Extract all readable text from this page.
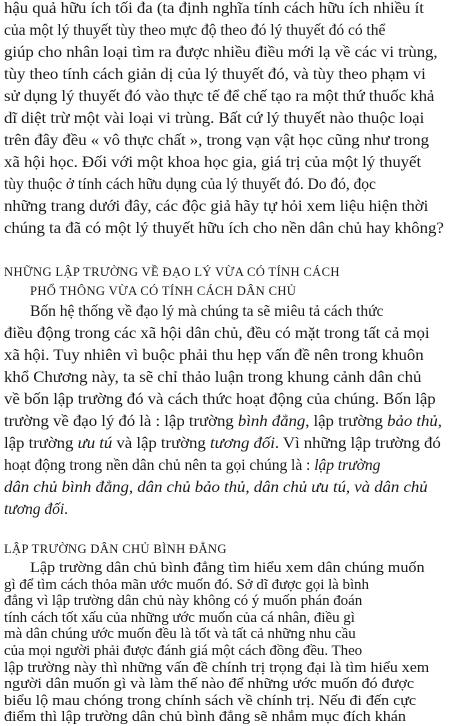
hậu quả hữu ích tối đa (ta định nghĩa tính cách hữu ích nhiều ít
của một lý thuyết tùy theo mực độ theo đó lý thuyết đó có thể
giúp cho nhân loại tìm ra được nhiều điều mới lạ về các vi trùng,
tùy theo tính cách giản dị của lý thuyết đó, và tùy theo phạm vi
sử dụng lý thuyết đó vào thực tế để chế tạo ra một thứ thuốc khả
dĩ diệt trừ một vài loại vi trùng. Bất cứ lý thuyết nào thuộc loại
trên đây đều « vô thực chất », trong vạn vật học cũng như trong
xã hội học. Đối với một khoa học gia, giá trị của một lý thuyết
tùy thuộc ở tính cách hữu dụng của lý thuyết đó. Do đó, đọc
những trang dưới đây, các độc giả hãy tự hỏi xem liệu hiện thời
chúng ta đã có một lý thuyết hữu ích cho nền dân chủ hay không?
NHỮNG LẬP TRƯỜNG VỀ ĐẠO LÝ VỪA CÓ TÍNH CÁCH
PHỔ THÔNG VỪA CÓ TÍNH CÁCH DÂN CHỦ
Bốn hệ thống về đạo lý mà chúng ta sẽ miêu tả cách thức
điều động trong các xã hội dân chủ, đều có mặt trong tất cả mọi
xã hội. Tuy nhiên vì buộc phải thu hẹp vấn đề nên trong khuôn
khổ Chương này, ta sẽ chỉ thảo luận trong khung cảnh dân chủ
về bốn lập trường đó và cách thức hoạt động của chúng. Bốn lập
trường về đạo lý đó là : lập trường bình đẳng, lập trường bảo thủ,
lập trường ưu tú và lập trường tương đối. Vì những lập trường đó
hoạt động trong nền dân chủ nên ta gọi chúng là : lập trường
dân chủ bình đẳng, dân chủ bảo thủ, dân chủ ưu tú, và dân chủ
tương đối.
LẬP TRƯỜNG DÂN CHỦ BÌNH ĐẲNG
Lập trường dân chủ bình đẳng tìm hiểu xem dân chúng muốn
gì để tìm cách thỏa mãn ước muốn đó. Sở dĩ được gọi là bình
đẳng vì lập trường dân chủ này không có ý muốn phán đoán
tính cách tốt xấu của những ước muốn của cá nhân, điều gì
mà dân chúng ước muốn đều là tốt và tất cả những nhu cầu
của mọi người phải được đánh giá một cách đồng đều. Theo
lập trường này thì những vấn đề chính trị trọng đại là tìm hiểu xem
người dân muốn gì và làm thế nào để những ước muốn đó được
biểu lộ mau chóng trong chính sách về chính trị. Nếu đi đến cực
điểm thì lập trường dân chủ bình đẳng sẽ nhắm mục đích khán
